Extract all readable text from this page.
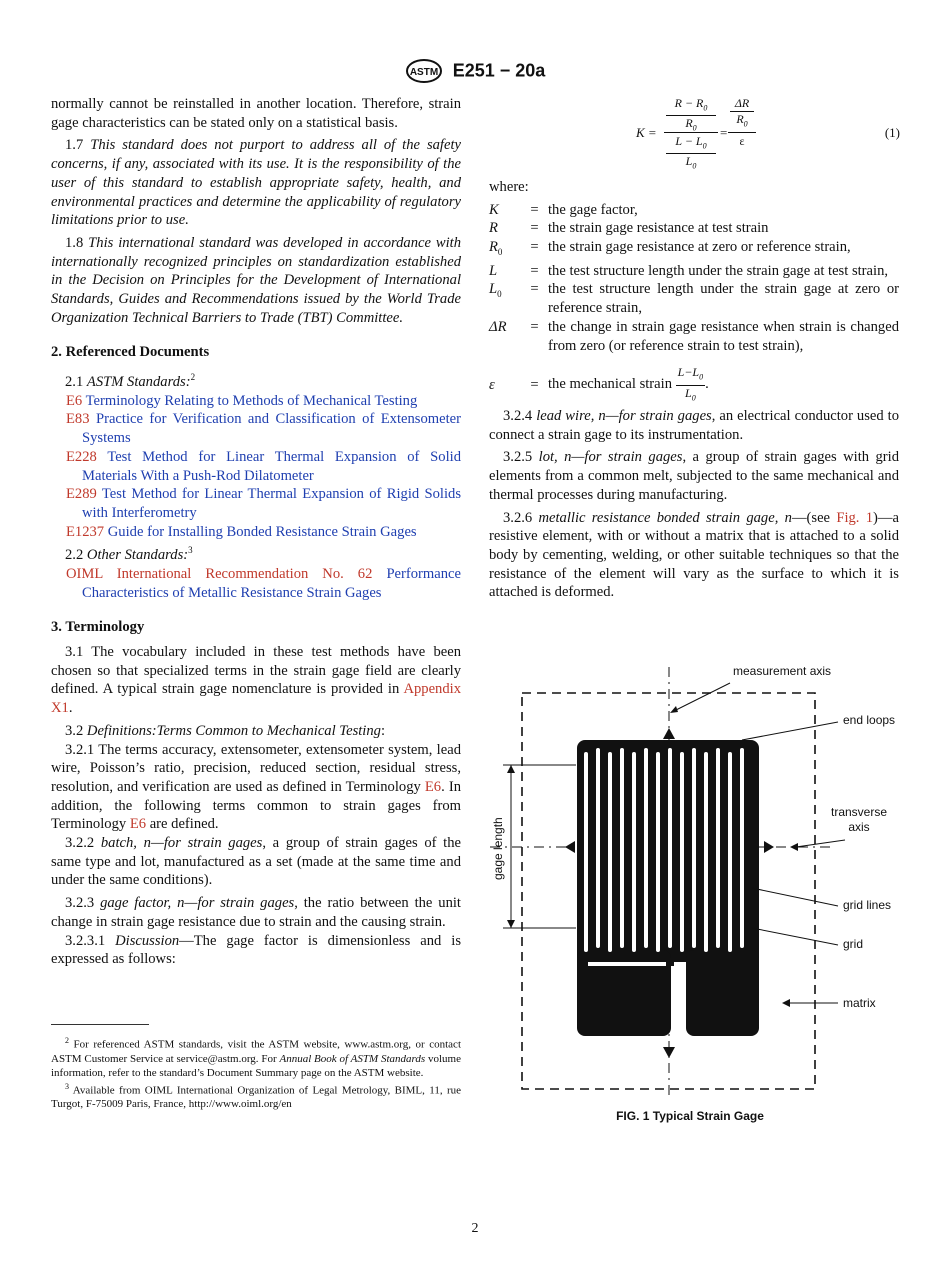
ASTM E251 − 20a

normally cannot be reinstalled in another location. Therefore, strain gage characteristics can be stated only on a statistical basis.

1.7 This standard does not purport to address all of the safety concerns, if any, associated with its use. It is the responsibility of the user of this standard to establish appropriate safety, health, and environmental practices and determine the applicability of regulatory limitations prior to use.

1.8 This international standard was developed in accordance with internationally recognized principles on standardization established in the Decision on Principles for the Development of International Standards, Guides and Recommendations issued by the World Trade Organization Technical Barriers to Trade (TBT) Committee.

2. Referenced Documents

2.1 ASTM Standards:$^2$

E6 Terminology Relating to Methods of Mechanical Testing

E83 Practice for Verification and Classification of Extensometer Systems

E228 Test Method for Linear Thermal Expansion of Solid Materials With a Push-Rod Dilatometer

E289 Test Method for Linear Thermal Expansion of Rigid Solids with Interferometry

E1237 Guide for Installing Bonded Resistance Strain Gages

2.2 Other Standards:$^3$

OIML International Recommendation No. 62 Performance Characteristics of Metallic Resistance Strain Gages

3. Terminology

3.1 The vocabulary included in these test methods have been chosen so that specialized terms in the strain gage field are clearly defined. A typical strain gage nomenclature is provided in Appendix X1.

3.2 Definitions:Terms Common to Mechanical Testing:

3.2.1 The terms accuracy, extensometer, extensometer system, lead wire, Poisson’s ratio, precision, reduced section, residual stress, resolution, and verification are used as defined in Terminology E6. In addition, the following terms common to strain gages from Terminology E6 are defined.

3.2.2 batch, n—for strain gages, a group of strain gages of the same type and lot, manufactured as a set (made at the same time and under the same conditions).

3.2.3 gage factor, n—for strain gages, the ratio between the unit change in strain gage resistance due to strain and the causing strain.

3.2.3.1 Discussion—The gage factor is dimensionless and is expressed as follows:

$^2$ For referenced ASTM standards, visit the ASTM website, www.astm.org, or contact ASTM Customer Service at service@astm.org. For Annual Book of ASTM Standards volume information, refer to the standard’s Document Summary page on the ASTM website.

$^3$ Available from OIML International Organization of Legal Metrology, BIML, 11, rue Turgot, F-75009 Paris, France, http://www.oiml.org/en

K =
$R - R_0$
$R_0$
$L - L_0$
$L_0$
=
ΔR
$R_0$
ε
(1)

where:

K	= the gage factor,
R	= the strain gage resistance at test strain
$R_0$	= the strain gage resistance at zero or reference strain,
L	= the test structure length under the strain gage at test strain,
$L_0$	= the test structure length under the strain gage at zero or reference strain,
ΔR	= the change in strain gage resistance when strain is changed from zero (or reference strain to test strain),
ε	= the mechanical strain $\frac{L-L_0}{L_0}$ .

3.2.4 lead wire, n—for strain gages, an electrical conductor used to connect a strain gage to its instrumentation.

3.2.5 lot, n—for strain gages, a group of strain gages with grid elements from a common melt, subjected to the same mechanical and thermal processes during manufacturing.

3.2.6 metallic resistance bonded strain gage, n—(see Fig. 1)—a resistive element, with or without a matrix that is attached to a solid body by cementing, welding, or other suitable techniques so that the resistance of the element will vary as the surface to which it is attached is deformed.

measurement axis
end loops
transverse
axis
gage length
grid lines
grid
matrix
FIG. 1 Typical Strain Gage
2
